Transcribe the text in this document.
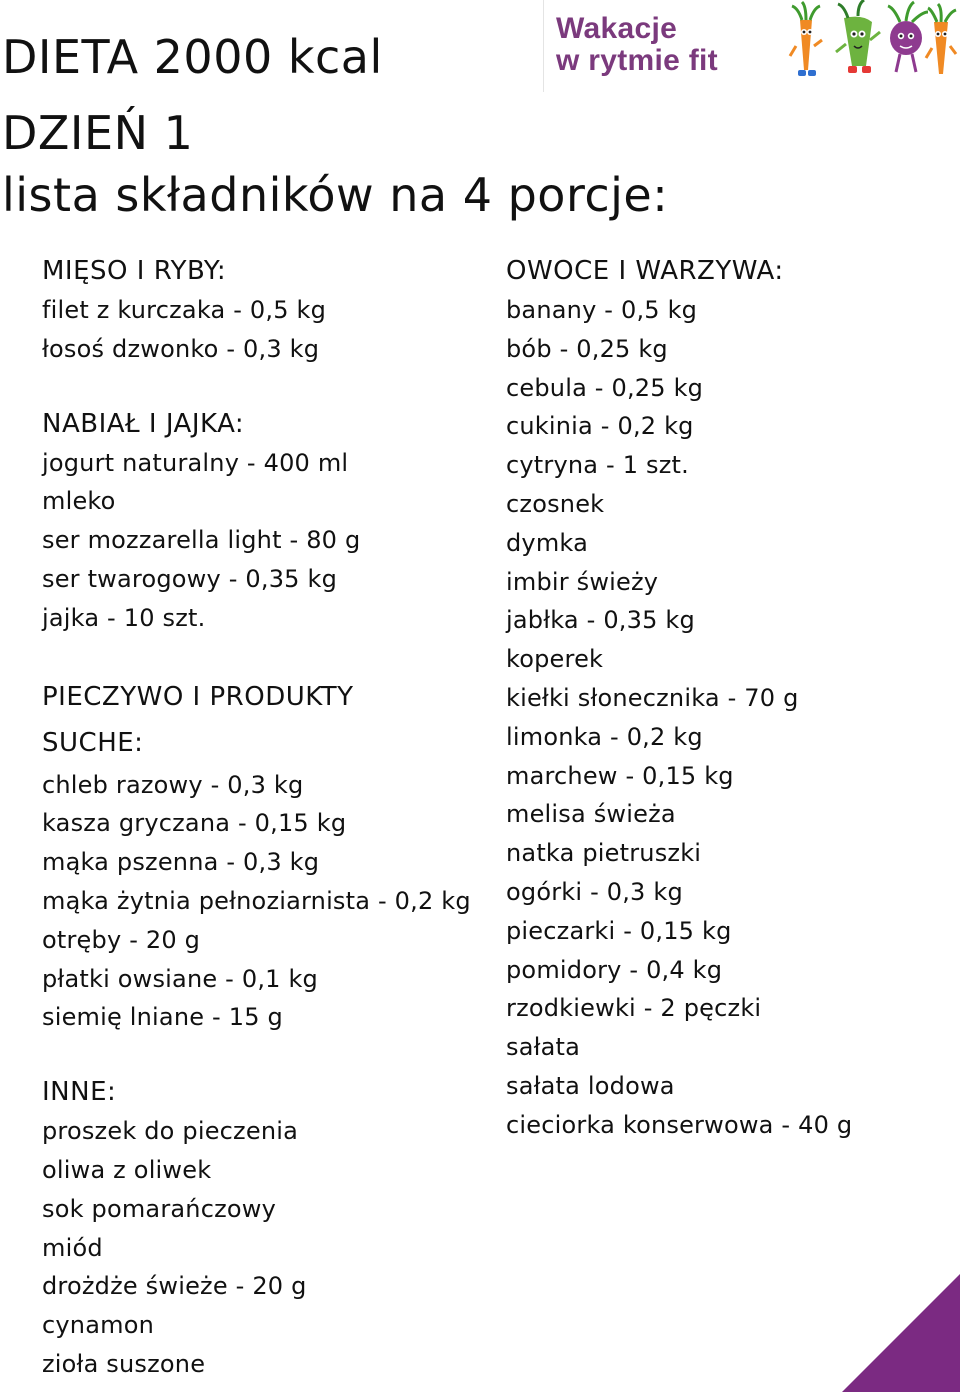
DIETA 2000 kcal
DZIEŃ 1
lista składników na 4 porcje:
Wakacje
w rytmie fit
MIĘSO I RYBY:
filet z kurczaka - 0,5 kg
łosoś dzwonko - 0,3 kg
NABIAŁ I JAJKA:
jogurt naturalny - 400 ml
mleko
ser mozzarella light - 80 g
ser twarogowy - 0,35 kg
jajka - 10 szt.
PIECZYWO I PRODUKTY SUCHE:
chleb razowy - 0,3 kg
kasza gryczana - 0,15 kg
mąka pszenna - 0,3 kg
mąka żytnia pełnoziarnista - 0,2 kg
otręby - 20 g
płatki owsiane - 0,1 kg
siemię lniane - 15 g
INNE:
proszek do pieczenia
oliwa z oliwek
sok pomarańczowy
miód
drożdże świeże - 20 g
cynamon
zioła suszone
OWOCE I WARZYWA:
banany - 0,5 kg
bób - 0,25 kg
cebula - 0,25 kg
cukinia - 0,2 kg
cytryna - 1 szt.
czosnek
dymka
imbir świeży
jabłka - 0,35 kg
koperek
kiełki słonecznika - 70 g
limonka - 0,2 kg
marchew - 0,15 kg
melisa świeża
natka pietruszki
ogórki - 0,3 kg
pieczarki - 0,15 kg
pomidory - 0,4 kg
rzodkiewki - 2 pęczki
sałata
sałata lodowa
cieciorka konserwowa - 40 g
